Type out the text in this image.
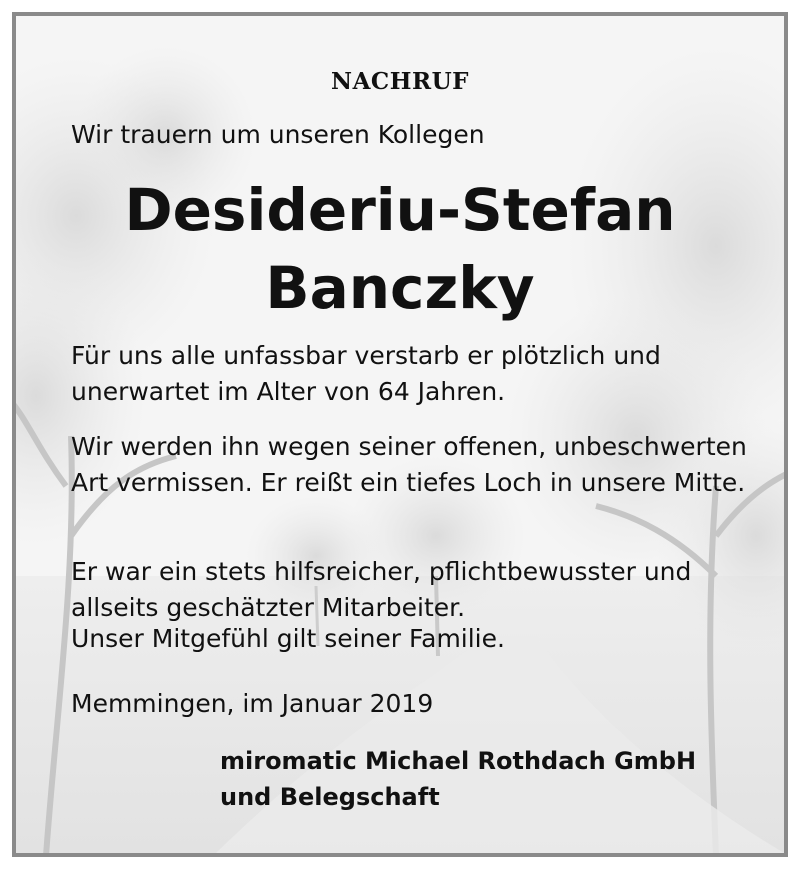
NACHRUF
Wir trauern um unseren Kollegen
Desideriu-Stefan
Banczky
Für uns alle unfassbar verstarb er plötzlich und unerwartet im Alter von 64 Jahren.
Wir werden ihn wegen seiner offenen, unbeschwerten Art vermissen. Er reißt ein tiefes Loch in unsere Mitte.
Er war ein stets hilfsreicher, pflichtbewusster und allseits geschätzter Mitarbeiter.
Unser Mitgefühl gilt seiner Familie.
Memmingen, im Januar 2019
miromatic Michael Rothdach GmbH
und Belegschaft
